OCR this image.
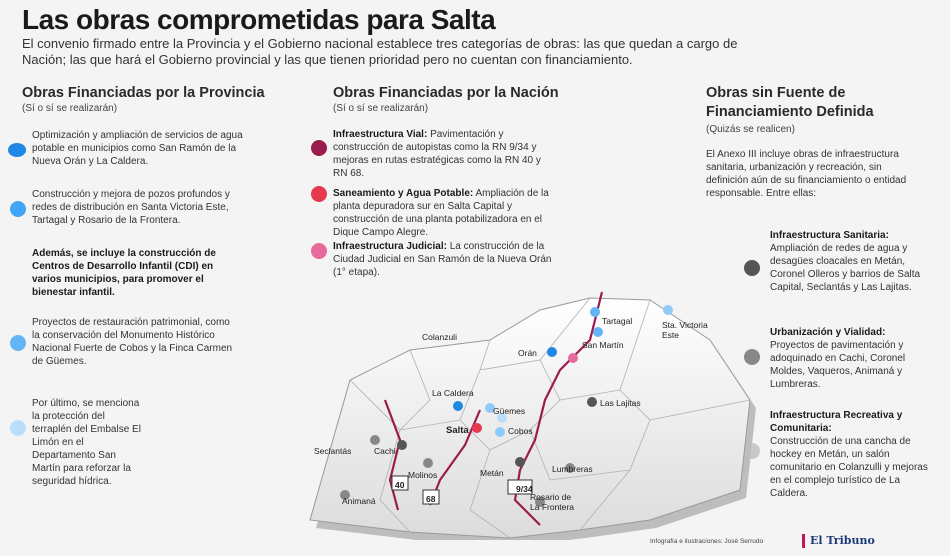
Las obras comprometidas para Salta
El convenio firmado entre la Provincia y el Gobierno nacional establece tres categorías de obras: las que quedan a cargo de Nación; las que hará el Gobierno provincial y las que tienen prioridad pero no cuentan con financiamiento.
Obras Financiadas por la Provincia
(Sí o sí se realizarán)
Optimización y ampliación de servicios de agua potable en municipios como San Ramón de la Nueva Orán y La Caldera.
Construcción y mejora de pozos profundos y redes de distribución en Santa Victoria Este, Tartagal y Rosario de la Frontera.
Además, se incluye la construcción de Centros de Desarrollo Infantil (CDI) en varios municipios, para promover el bienestar infantil.
Proyectos de restauración patrimonial, como la conservación del Monumento Histórico Nacional Fuerte de Cobos y la Finca Carmen de Güemes.
Por último, se menciona la protección del terraplén del Embalse El Limón en el Departamento San Martín para reforzar la seguridad hídrica.
Obras Financiadas por la Nación
(Sí o sí se realizarán)
Infraestructura Vial: Pavimentación y construcción de autopistas como la RN 9/34 y mejoras en rutas estratégicas como la RN 40 y RN 68.
Saneamiento y Agua Potable: Ampliación de la planta depuradora sur en Salta Capital y construcción de una planta potabilizadora en el Dique Campo Alegre.
Infraestructura Judicial: La construcción de la Ciudad Judicial en San Ramón de la Nueva Orán (1° etapa).
Obras sin Fuente de Financiamiento Definida
(Quizás se realicen)
El Anexo III incluye obras de infraestructura sanitaria, urbanización y recreación, sin definición aún de su financiamiento o entidad responsable. Entre ellas:
Infraestructura Sanitaria:
Ampliación de redes de agua y desagües cloacales en Metán, Coronel Olleros y barrios de Salta Capital, Seclantás y Las Lajitas.
Urbanización y Vialidad:
Proyectos de pavimentación y adoquinado en Cachi, Coronel Moldes, Vaqueros, Animaná y Lumbreras.
Infraestructura Recreativa y Comunitaria:
Construcción de una cancha de hockey en Metán, un salón comunitario en Colanzulli y mejoras en el complejo turístico de La Caldera.
9/34
40
68
Tartagal	Sta. Victoria Este
San Martín
Colanzuli
Orán
La Caldera
Güemes
Las Lajitas
Salta	Cobos
Seclantás	Cachi
Molinos	Metán	Lumbreras
Animaná	Rosario de La Frontera
Infografía e ilustraciones: José Serrudo	El Tribuno
